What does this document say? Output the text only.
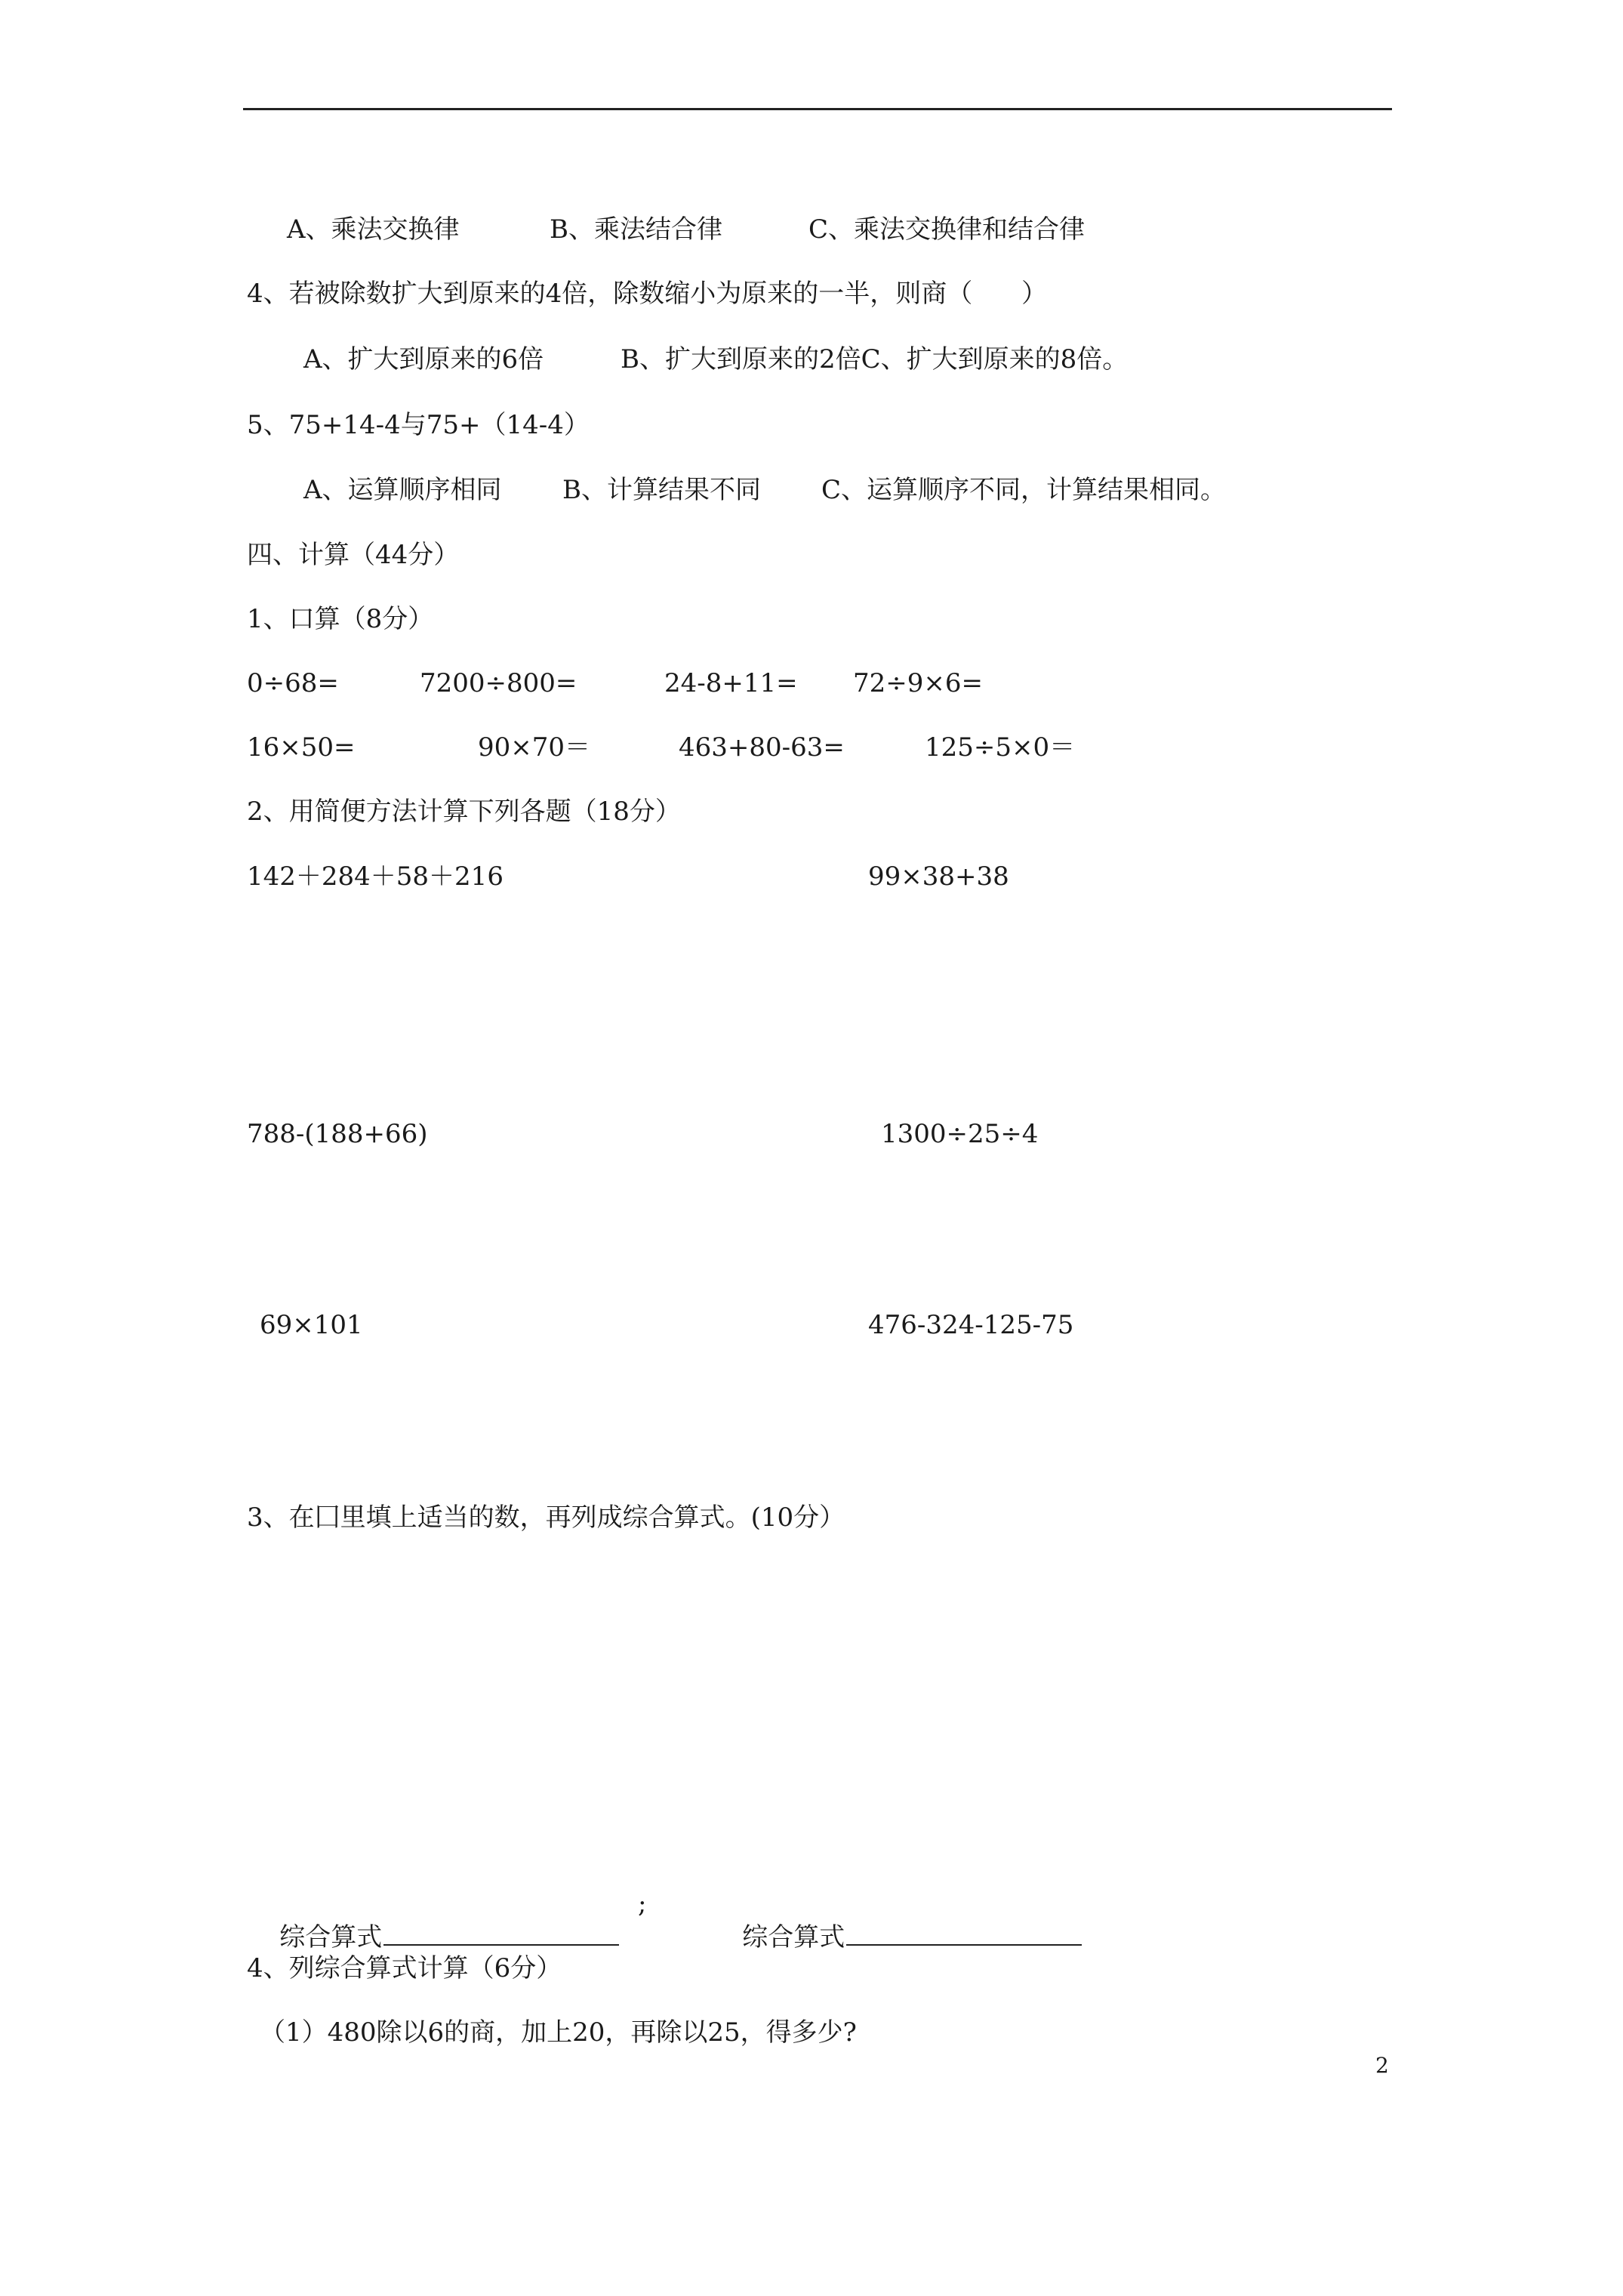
A、乘法交换律	B、乘法结合律	C、乘法交换律和结合律
4、若被除数扩大到原来的4倍，除数缩小为原来的一半，则商（      ）
A、扩大到原来的6倍	B、扩大到原来的2倍C、扩大到原来的8倍。
5、75+14-4与75+（14-4）
A、运算顺序相同 B、计算结果不同 C、运算顺序不同，计算结果相同。
四、计算（44分）
1、口算（8分）
0÷68=	7200÷800=	24-8+11= 72÷9×6=
16×50=	90×70＝	463+80-63=	125÷5×0＝
2、用简便方法计算下列各题（18分）
142＋284＋58＋216	99×38+38
788-(188+66)	1300÷25÷4
69×101	476-324-125-75
3、在囗里填上适当的数，再列成综合算式。(10分）

综合算式

;

综合算式

4、列综合算式计算（6分）
（1）480除以6的商，加上20，再除以25，得多少?
2
